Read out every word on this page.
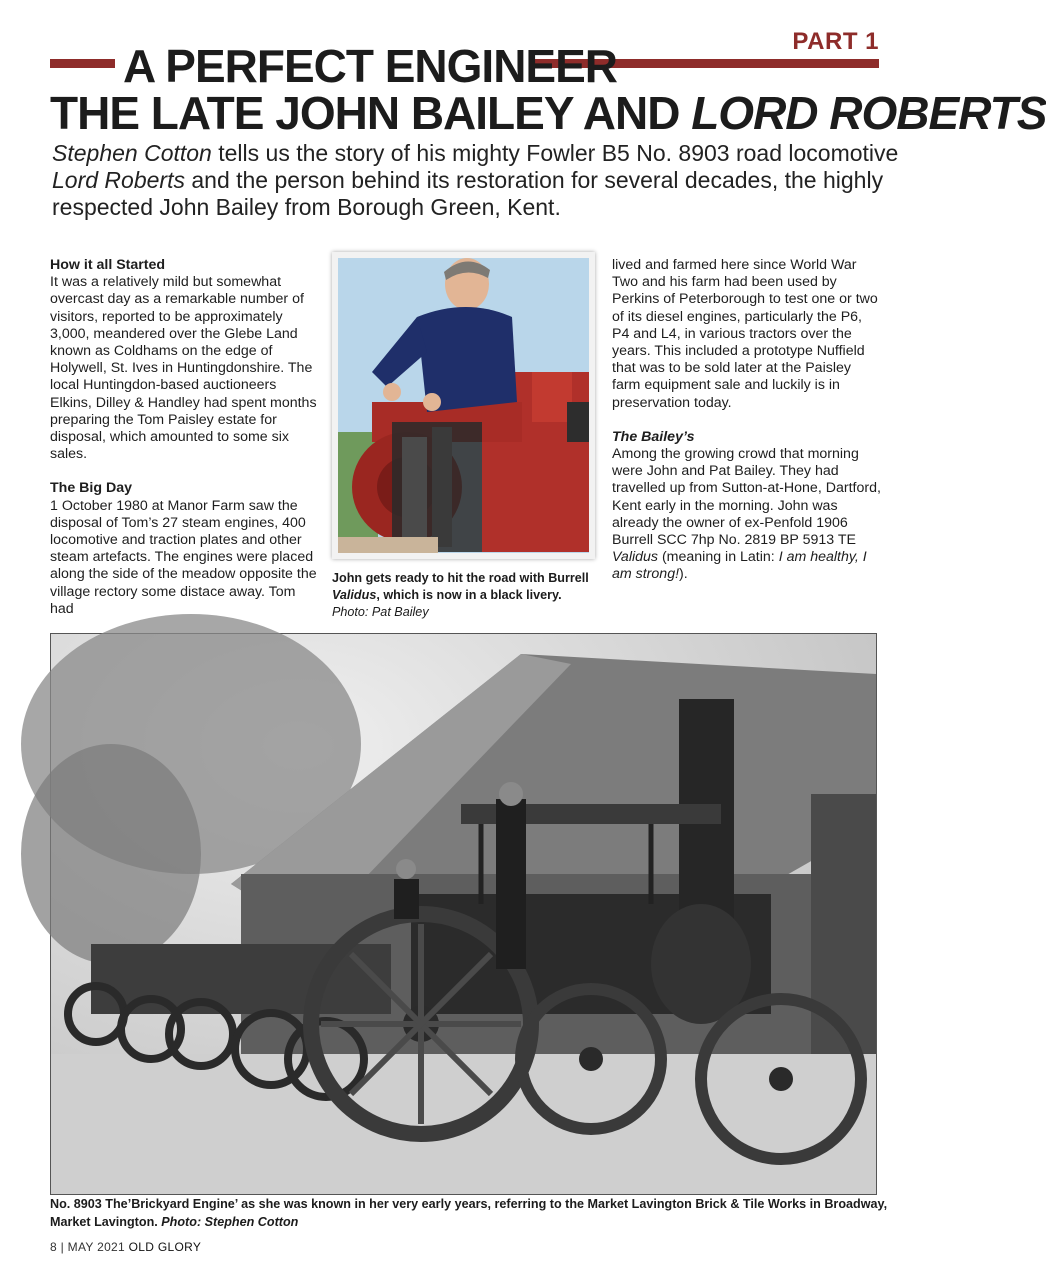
PART 1
A PERFECT ENGINEER
THE LATE JOHN BAILEY AND LORD ROBERTS
Stephen Cotton tells us the story of his mighty Fowler B5 No. 8903 road locomotive Lord Roberts and the person behind its restoration for several decades, the highly respected John Bailey from Borough Green, Kent.
How it all Started

It was a relatively mild but somewhat overcast day as a remarkable number of visitors, reported to be approximately 3,000, meandered over the Glebe Land known as Coldhams on the edge of Holywell, St. Ives in Huntingdonshire. The local Huntingdon-based auctioneers Elkins, Dilley & Handley had spent months preparing the Tom Paisley estate for disposal, which amounted to some six sales.

The Big Day

1 October 1980 at Manor Farm saw the disposal of Tom’s 27 steam engines, 400 locomotive and traction plates and other steam artefacts. The engines were placed along the side of the meadow opposite the village rectory some distace away. Tom had

John gets ready to hit the road with Burrell Validus, which is now in a black livery.
Photo: Pat Bailey

lived and farmed here since World War Two and his farm had been used by Perkins of Peterborough to test one or two of its diesel engines, particularly the P6, P4 and L4, in various tractors over the years. This included a prototype Nuffield that was to be sold later at the Paisley farm equipment sale and luckily is in preservation today.

The Bailey’s

Among the growing crowd that morning were John and Pat Bailey. They had travelled up from Sutton-at-Hone, Dartford, Kent early in the morning. John was already the owner of ex-Penfold 1906 Burrell SCC 7hp No. 2819 BP 5913 TE Validus (meaning in Latin: I am healthy, I am strong!).

No. 8903 The’Brickyard Engine’ as she was known in her very early years, referring to the Market Lavington Brick & Tile Works in Broadway, Market Lavington. Photo: Stephen Cotton
8 | MAY 2021 OLD GLORY
